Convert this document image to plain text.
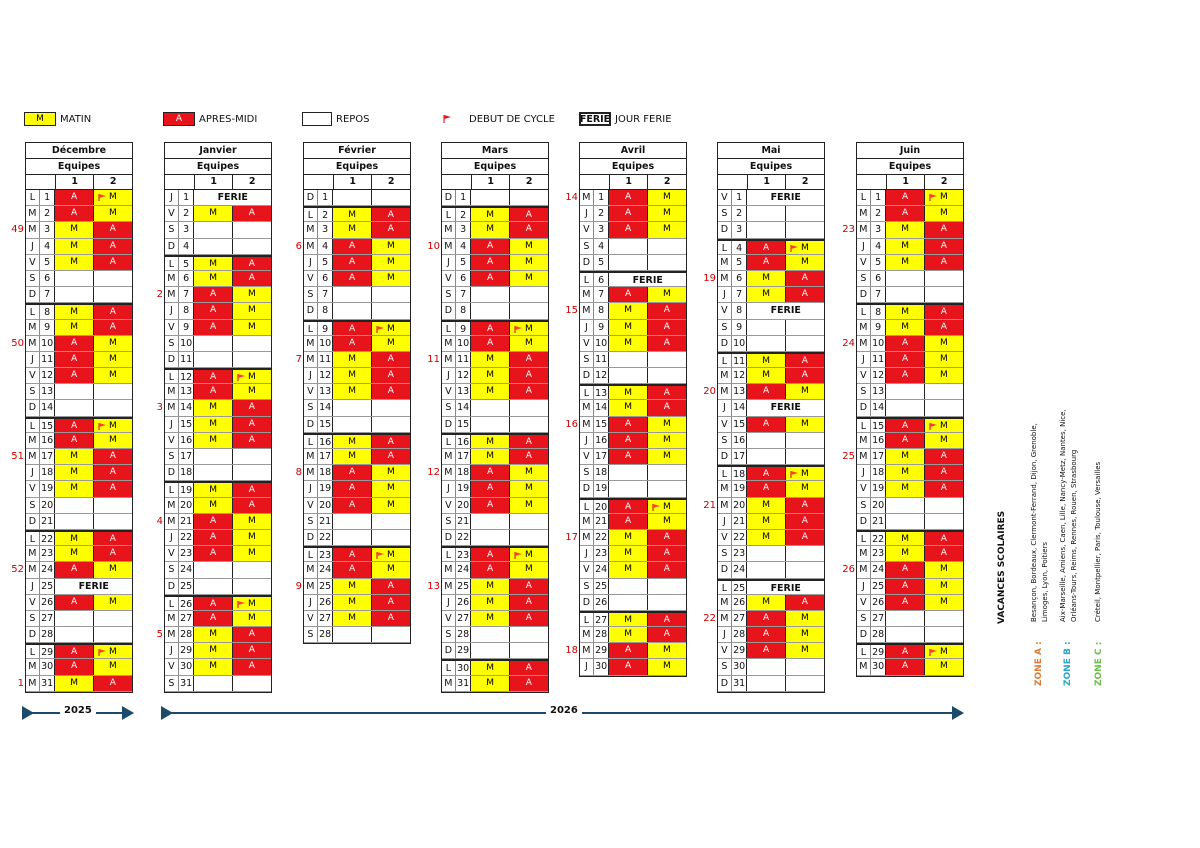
M	MATIN	A	APRES-MIDI	REPOS	DEBUT DE CYCLE	FERIE JOUR FERIE
Décembre
Equipes
1	2
L 1	A	M
M 2	A	M
49 M 3	M	A
J	4	M	A
V 5	M	A
S 6
D 7
L 8	M	A
M 9	M	A
50 M 10	A	M
J 11	A	M
V 12	A	M
S 13
D 14
L 15	A	M
M 16	A	M
51 M 17	M	A
J 18	M	A
V 19	M	A
S 20
D 21
L 22	M	A
M 23	M	A
52 M 24	A	M
J 25	FERIE
V 26	A	M
S 27
D 28
L 29	A	M
M 30	A	M
1 M 31	M	A
Janvier
Equipes
1	2
J	1	FERIE
V 2	M	A
S 3
D 4
L 5	M	A
M 6	M	A
2 M 7	A	M
J	8	A	M
V 9	A	M
S 10
D 11
L 12	A	M
M 13	A	M
3 M 14	M	A
J 15	M	A
V 16	M	A
S 17
D 18
L 19	M	A
M 20	M	A
4 M 21	A	M
J 22	A	M
V 23	A	M
S 24
D 25
L 26	A	M
M 27	A	M
5 M 28	M	A
J 29	M	A
V 30	M	A
S 31
Février
Equipes
1	2
D 1
L 2	M	A
M 3	M	A
6 M 4	A	M
J	5	A	M
V 6	A	M
S 7
D 8
L 9	A	M
M 10	A	M
7 M 11	M	A
J 12	M	A
V 13	M	A
S 14
D 15
L 16	M	A
M 17	M	A
8 M 18	A	M
J 19	A	M
V 20	A	M
S 21
D 22
L 23	A	M
M 24	A	M
9 M 25	M	A
J 26	M	A
V 27	M	A
S 28
Mars
Equipes
1	2
D 1
L 2	M	A
M 3	M	A
10 M 4	A	M
J	5	A	M
V 6	A	M
S 7
D 8
L 9	A	M
M 10	A	M
11 M 11	M	A
J 12	M	A
V 13	M	A
S 14
D 15
L 16	M	A
M 17	M	A
12 M 18	A	M
J 19	A	M
V 20	A	M
S 21
D 22
L 23	A	M
M 24	A	M
13 M 25	M	A
J 26	M	A
V 27	M	A
S 28
D 29
L 30	M	A
M 31	M	A
Avril
Equipes
1	2
14 M 1	A	M
J	2	A	M
V 3	A	M
S 4
D 5
L 6	FERIE
M 7	A	M
15 M 8	M	A
J	9	M	A
V 10	M	A
S 11
D 12
L 13	M	A
M 14	M	A
16 M 15	A	M
J 16	A	M
V 17	A	M
S 18
D 19
L 20	A	M
M 21	A	M
17 M 22	M	A
J 23	M	A
V 24	M	A
S 25
D 26
L 27	M	A
M 28	M	A
18 M 29	A	M
J 30	A	M
Mai
Equipes
1	2
V 1	FERIE
S 2
D 3
L 4	A	M
M 5	A	M
19 M 6	M	A
J	7	M	A
V 8	FERIE
S 9
D 10
L 11	M	A
M 12	M	A
20 M 13	A	M
J 14	FERIE
V 15	A	M
S 16
D 17
L 18	A	M
M 19	A	M
21 M 20	M	A
J 21	M	A
V 22	M	A
S 23
D 24
L 25	FERIE
M 26	M	A
22 M 27	A	M
J 28	A	M
V 29	A	M
S 30
D 31
Juin
Equipes
1	2
L 1	A	M
M 2	A	M
23 M 3	M	A
J	4	M	A
V 5	M	A
S 6
D 7
L 8	M	A
M 9	M	A
24 M 10	A	M
J 11	A	M
V 12	A	M
S 13
D 14
L 15	A	M
M 16	A	M
25 M 17	M	A
J 18	M	A
V 19	M	A
S 20
D 21
L 22	M	A
M 23	M	A
26 M 24	A	M
J 25	A	M
V 26	A	M
S 27
D 28
L 29	A	M
M 30	A	M
2025	2026
VACANCES SCOLAIRES	Besançon, Bordeaux, Clermont-Ferrand, Dijon, Grenoble, Limoges, Lyon, Poitiers Aix-Marseille, Amiens, Caen, Lille, Nancy-Metz, Nantes, Nice, Orléans-Tours, Reims, Rennes, Rouen, Strasbourg Créteil, Montpellier, Paris, Toulouse, Versailles
ZONE A : ZONE B : ZONE C :
